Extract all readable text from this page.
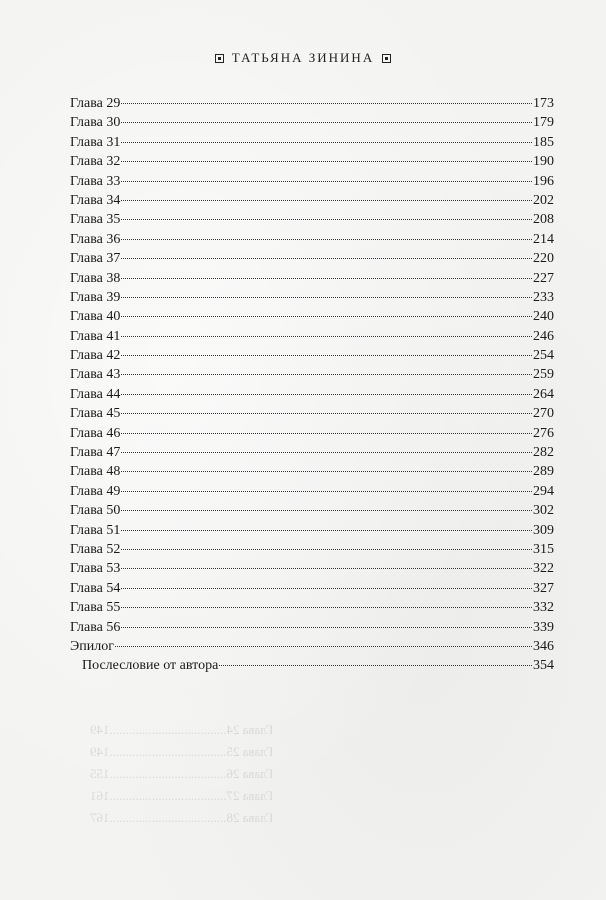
Глава 24....................................149
Глава 25....................................149
Глава 26....................................155
Глава 27....................................161
Глава 28....................................167
ТАТЬЯНА ЗИНИНА
Глава 29	173
Глава 30	179
Глава 31	185
Глава 32	190
Глава 33	196
Глава 34	202
Глава 35	208
Глава 36	214
Глава 37	220
Глава 38	227
Глава 39	233
Глава 40	240
Глава 41	246
Глава 42	254
Глава 43	259
Глава 44	264
Глава 45	270
Глава 46	276
Глава 47	282
Глава 48	289
Глава 49	294
Глава 50	302
Глава 51	309
Глава 52	315
Глава 53	322
Глава 54	327
Глава 55	332
Глава 56	339
Эпилог	346
Послесловие от автора	354
